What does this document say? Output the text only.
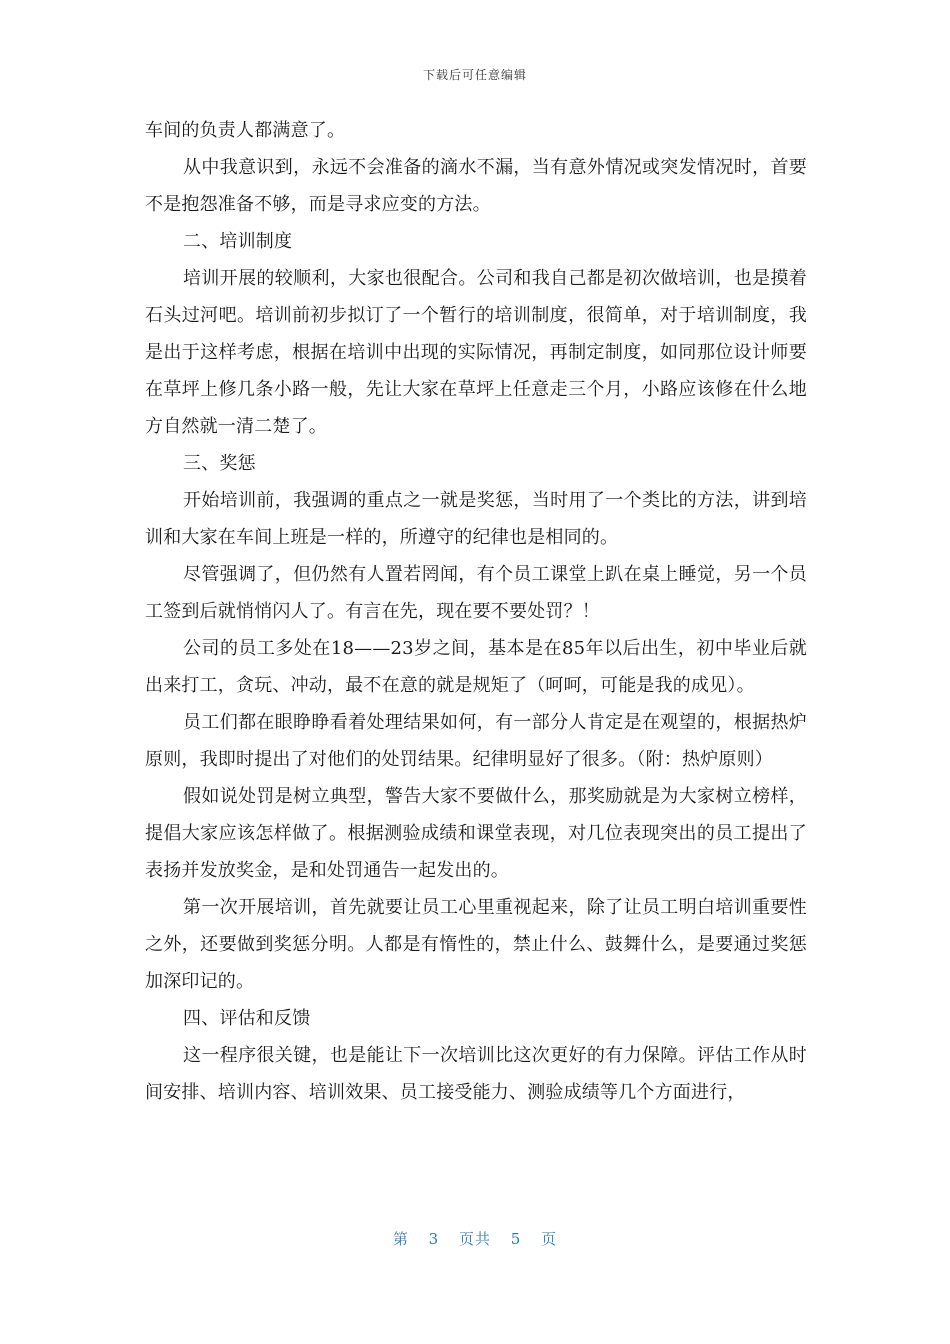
下载后可任意编辑

车间的负责人都满意了。

从中我意识到，永远不会准备的滴水不漏，当有意外情况或突发情况时，首要不是抱怨准备不够，而是寻求应变的方法。

二、培训制度

培训开展的较顺利，大家也很配合。公司和我自己都是初次做培训，也是摸着石头过河吧。培训前初步拟订了一个暂行的培训制度，很简单，对于培训制度，我是出于这样考虑，根据在培训中出现的实际情况，再制定制度，如同那位设计师要在草坪上修几条小路一般，先让大家在草坪上任意走三个月，小路应该修在什么地方自然就一清二楚了。

三、奖惩

开始培训前，我强调的重点之一就是奖惩，当时用了一个类比的方法，讲到培训和大家在车间上班是一样的，所遵守的纪律也是相同的。

尽管强调了，但仍然有人置若罔闻，有个员工课堂上趴在桌上睡觉，另一个员工签到后就悄悄闪人了。有言在先，现在要不要处罚？！

公司的员工多处在18——23岁之间，基本是在85年以后出生，初中毕业后就出来打工，贪玩、冲动，最不在意的就是规矩了（呵呵，可能是我的成见）。

员工们都在眼睁睁看着处理结果如何，有一部分人肯定是在观望的，根据热炉原则，我即时提出了对他们的处罚结果。纪律明显好了很多。（附：热炉原则）

假如说处罚是树立典型，警告大家不要做什么，那奖励就是为大家树立榜样，提倡大家应该怎样做了。根据测验成绩和课堂表现，对几位表现突出的员工提出了表扬并发放奖金，是和处罚通告一起发出的。

第一次开展培训，首先就要让员工心里重视起来，除了让员工明白培训重要性之外，还要做到奖惩分明。人都是有惰性的，禁止什么、鼓舞什么，是要通过奖惩加深印记的。

四、评估和反馈

这一程序很关键，也是能让下一次培训比这次更好的有力保障。评估工作从时间安排、培训内容、培训效果、员工接受能力、测验成绩等几个方面进行，

第 3 页共 5 页
